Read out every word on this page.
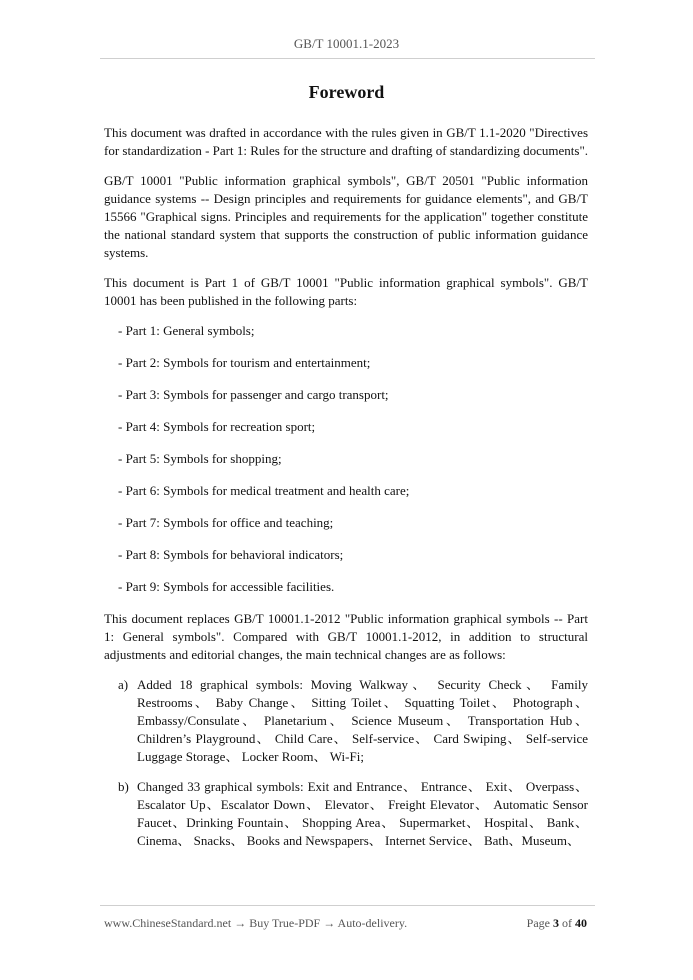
GB/T 10001.1-2023
Foreword

This document was drafted in accordance with the rules given in GB/T 1.1-2020 "Directives for standardization - Part 1: Rules for the structure and drafting of standardizing documents".

GB/T 10001 "Public information graphical symbols", GB/T 20501 "Public information guidance systems -- Design principles and requirements for guidance elements", and GB/T 15566 "Graphical signs. Principles and requirements for the application" together constitute the national standard system that supports the construction of public information guidance systems.

This document is Part 1 of GB/T 10001 "Public information graphical symbols". GB/T 10001 has been published in the following parts:

- Part 1: General symbols;
- Part 2: Symbols for tourism and entertainment;
- Part 3: Symbols for passenger and cargo transport;
- Part 4: Symbols for recreation sport;
- Part 5: Symbols for shopping;
- Part 6: Symbols for medical treatment and health care;
- Part 7: Symbols for office and teaching;
- Part 8: Symbols for behavioral indicators;
- Part 9: Symbols for accessible facilities.

This document replaces GB/T 10001.1-2012 "Public information graphical symbols -- Part 1: General symbols". Compared with GB/T 10001.1-2012, in addition to structural adjustments and editorial changes, the main technical changes are as follows:

a) Added 18 graphical symbols: Moving Walkway、 Security Check、 Family Restrooms、 Baby Change、 Sitting Toilet、 Squatting Toilet、 Photograph、 Embassy/Consulate、 Planetarium、 Science Museum、 Transportation Hub、 Children’s Playground、 Child Care、 Self-service、 Card Swiping、 Self-service Luggage Storage、 Locker Room、 Wi-Fi;
b) Changed 33 graphical symbols: Exit and Entrance、 Entrance、 Exit、 Overpass、 Escalator Up、Escalator Down、 Elevator、 Freight Elevator、 Automatic Sensor Faucet、Drinking Fountain、 Shopping Area、 Supermarket、 Hospital、 Bank、 Cinema、 Snacks、 Books and Newspapers、 Internet Service、 Bath、Museum、
www.ChineseStandard.net → Buy True-PDF → Auto-delivery.	Page 3 of 40
